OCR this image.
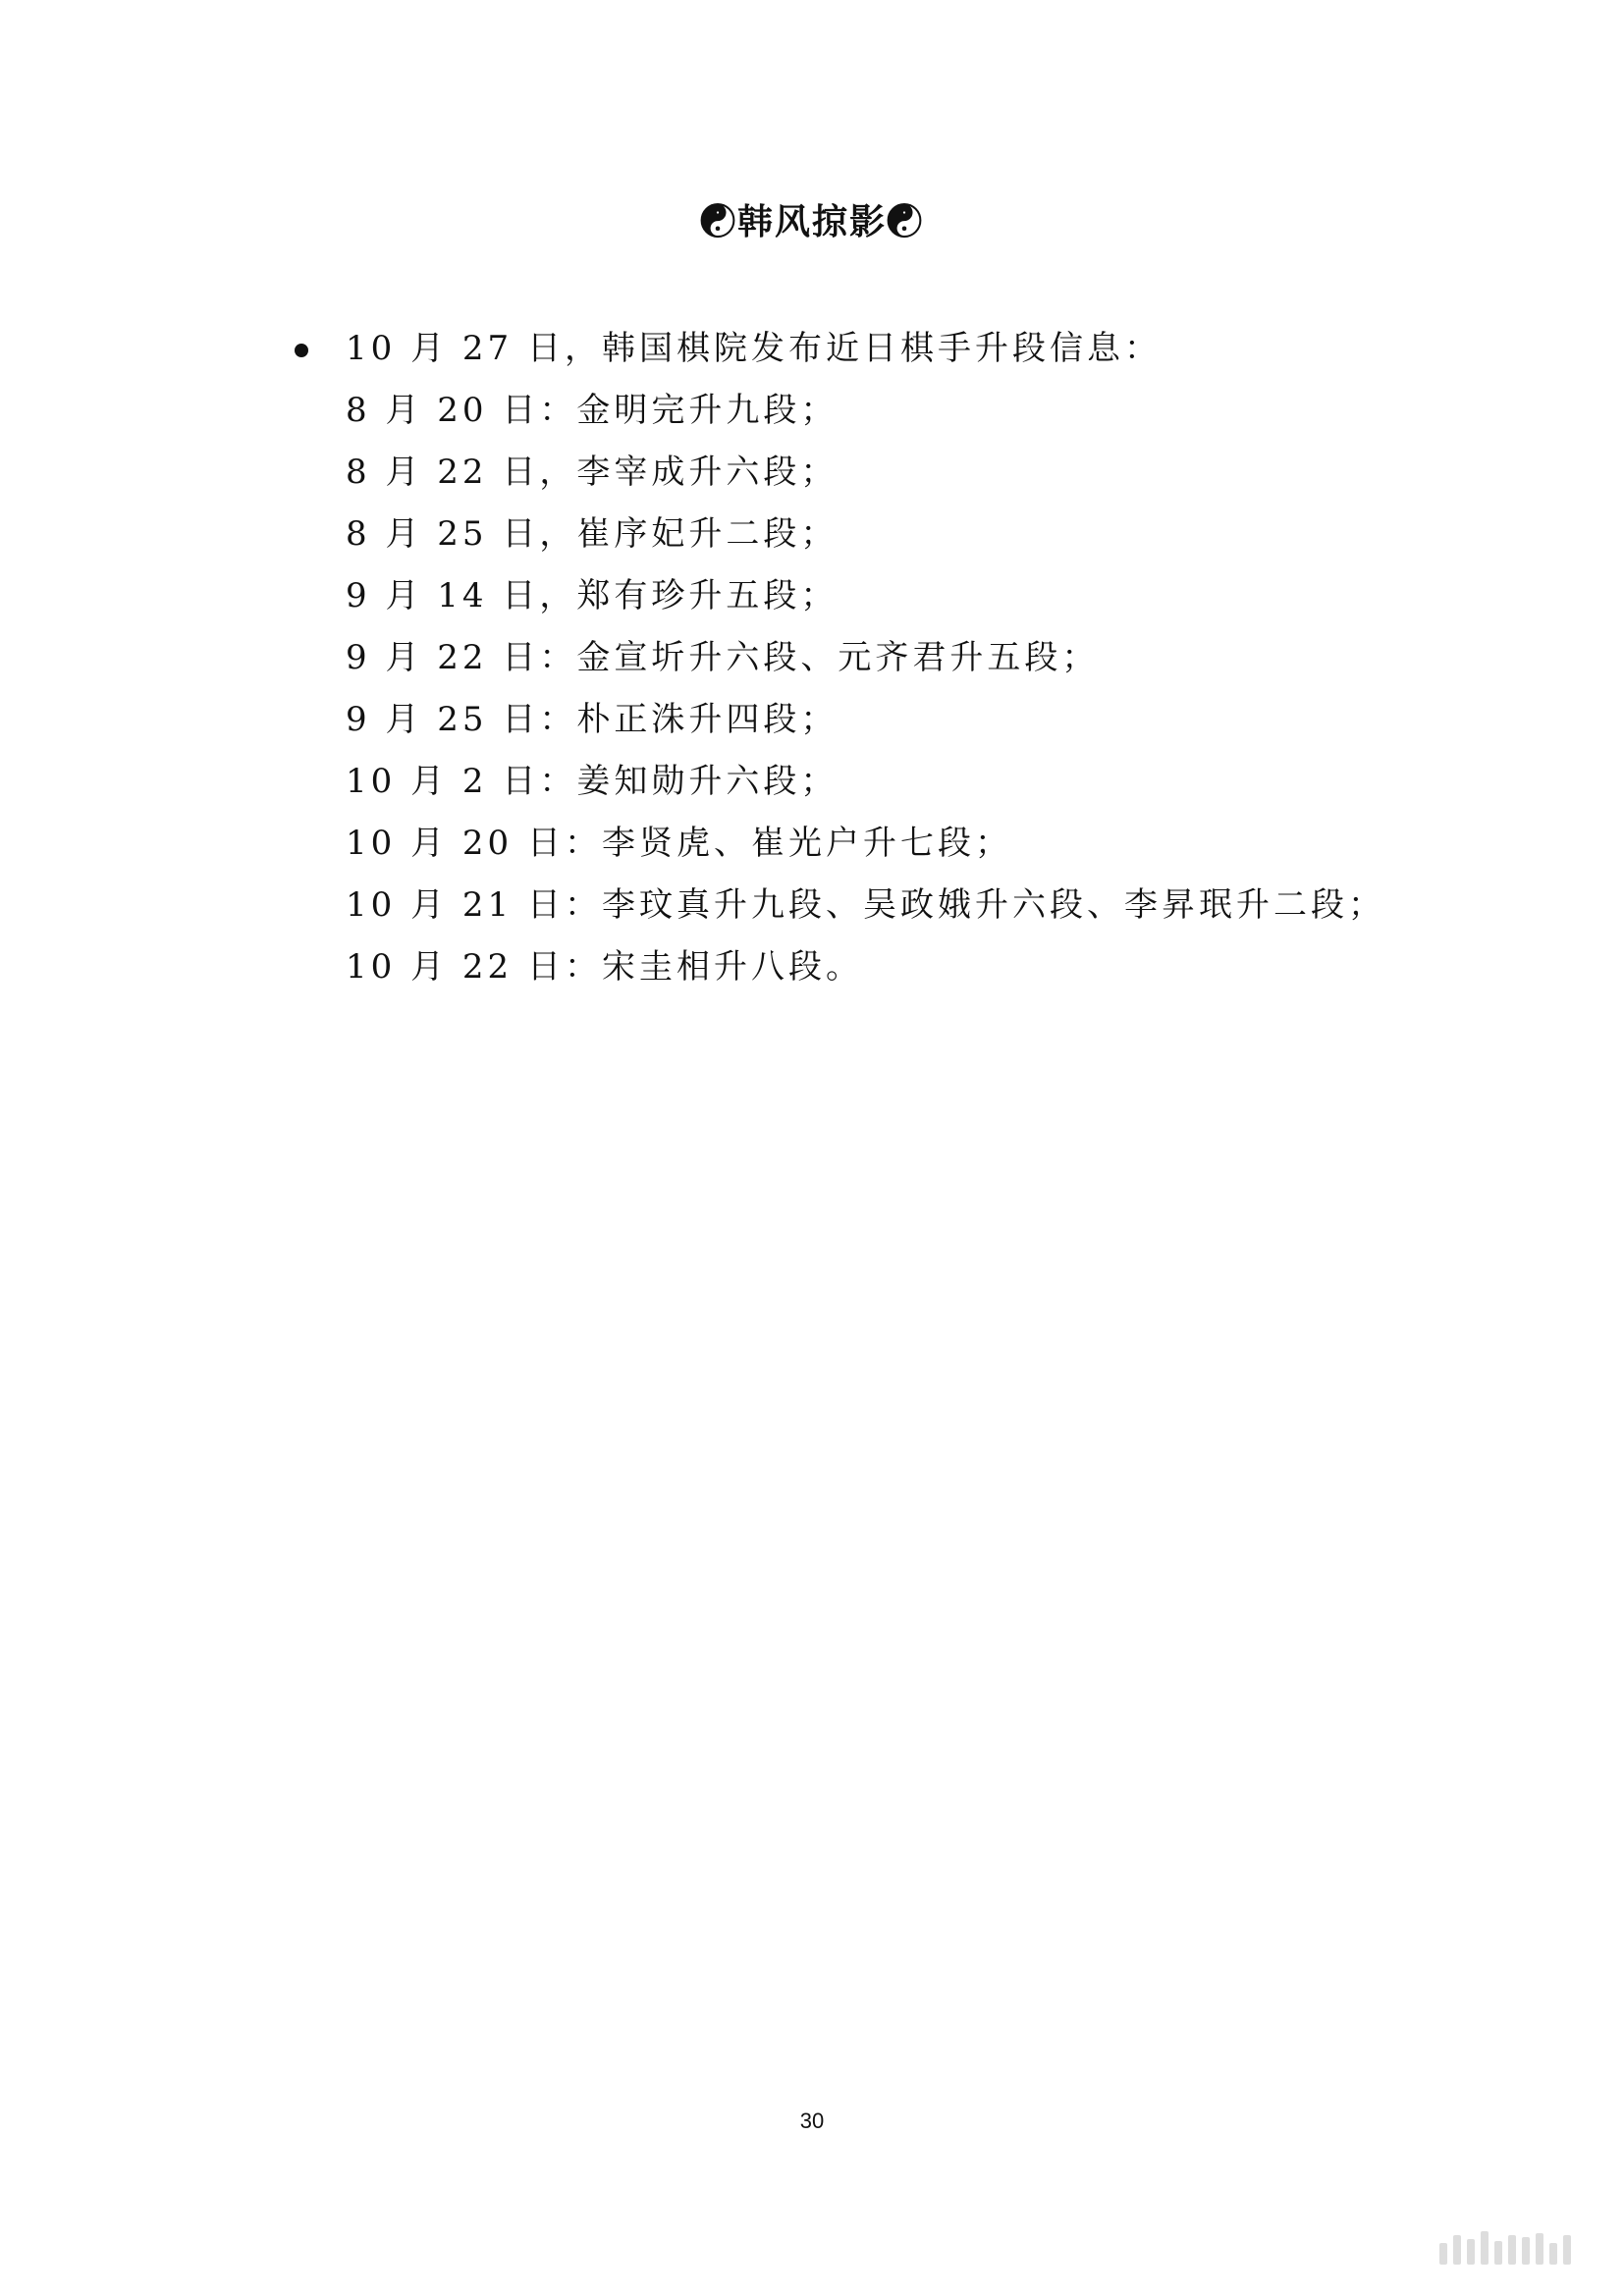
☯韩风掠影☯
10 月 27 日，韩国棋院发布近日棋手升段信息：
8 月 20 日：金明完升九段；
8 月 22 日，李宰成升六段；
8 月 25 日，崔序妃升二段；
9 月 14 日，郑有珍升五段；
9 月 22 日：金宣圻升六段、元齐君升五段；
9 月 25 日：朴正洙升四段；
10 月 2 日：姜知勋升六段；
10 月 20 日：李贤虎、崔光户升七段；
10 月 21 日：李玟真升九段、吴政娥升六段、李昇珉升二段；
10 月 22 日：宋圭相升八段。
30
